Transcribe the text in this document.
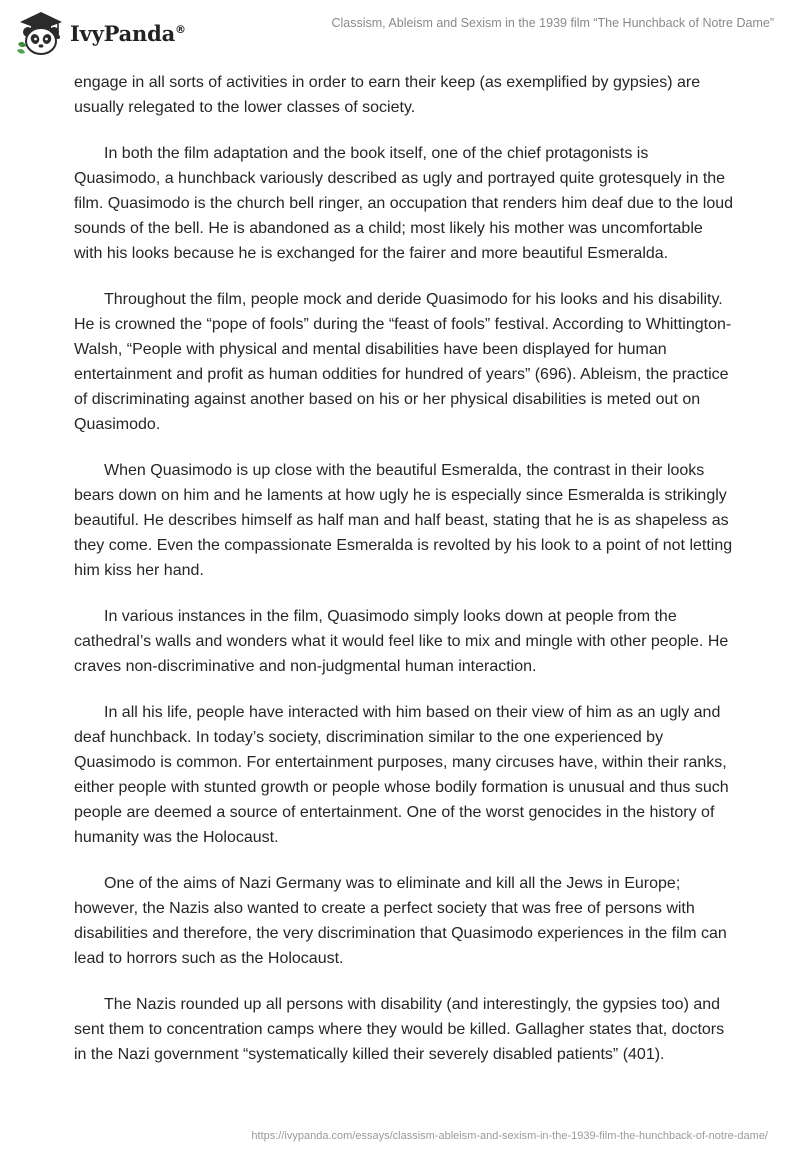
IvyPanda®	Classism, Ableism and Sexism in the 1939 film “The Hunchback of Notre Dame”

engage in all sorts of activities in order to earn their keep (as exemplified by gypsies) are usually relegated to the lower classes of society.

In both the film adaptation and the book itself, one of the chief protagonists is Quasimodo, a hunchback variously described as ugly and portrayed quite grotesquely in the film. Quasimodo is the church bell ringer, an occupation that renders him deaf due to the loud sounds of the bell. He is abandoned as a child; most likely his mother was uncomfortable with his looks because he is exchanged for the fairer and more beautiful Esmeralda.

Throughout the film, people mock and deride Quasimodo for his looks and his disability. He is crowned the “pope of fools” during the “feast of fools” festival. According to Whittington-Walsh, “People with physical and mental disabilities have been displayed for human entertainment and profit as human oddities for hundred of years” (696). Ableism, the practice of discriminating against another based on his or her physical disabilities is meted out on Quasimodo.

When Quasimodo is up close with the beautiful Esmeralda, the contrast in their looks bears down on him and he laments at how ugly he is especially since Esmeralda is strikingly beautiful. He describes himself as half man and half beast, stating that he is as shapeless as they come. Even the compassionate Esmeralda is revolted by his look to a point of not letting him kiss her hand.

In various instances in the film, Quasimodo simply looks down at people from the cathedral’s walls and wonders what it would feel like to mix and mingle with other people. He craves non-discriminative and non-judgmental human interaction.

In all his life, people have interacted with him based on their view of him as an ugly and deaf hunchback. In today’s society, discrimination similar to the one experienced by Quasimodo is common. For entertainment purposes, many circuses have, within their ranks, either people with stunted growth or people whose bodily formation is unusual and thus such people are deemed a source of entertainment. One of the worst genocides in the history of humanity was the Holocaust.

One of the aims of Nazi Germany was to eliminate and kill all the Jews in Europe; however, the Nazis also wanted to create a perfect society that was free of persons with disabilities and therefore, the very discrimination that Quasimodo experiences in the film can lead to horrors such as the Holocaust.

The Nazis rounded up all persons with disability (and interestingly, the gypsies too) and sent them to concentration camps where they would be killed. Gallagher states that, doctors in the Nazi government “systematically killed their severely disabled patients” (401).

https://ivypanda.com/essays/classism-ableism-and-sexism-in-the-1939-film-the-hunchback-of-notre-dame/
